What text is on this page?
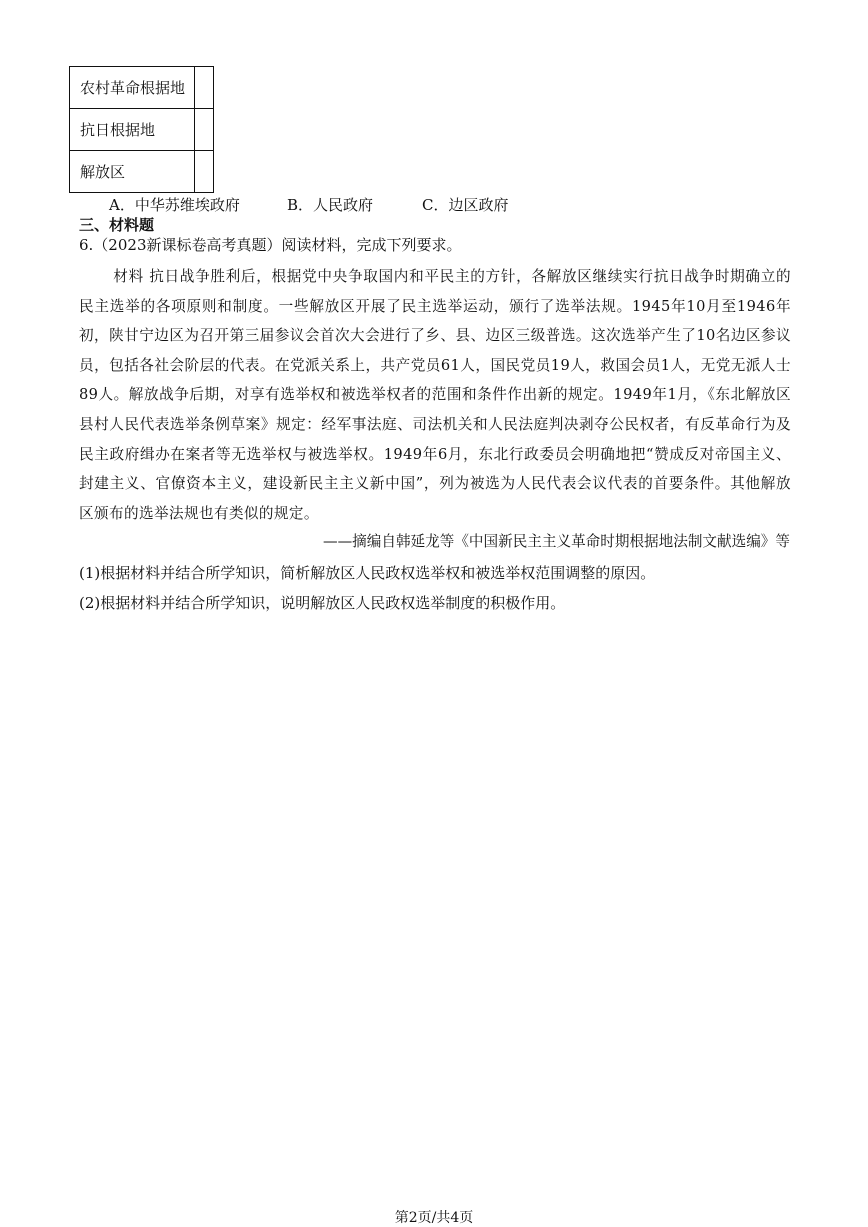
农村革命根据地	
抗日根据地	
解放区	
A．中华苏维埃政府	B．人民政府	C．边区政府
三、材料题
6.（2023新课标卷高考真题）阅读材料，完成下列要求。
材料 抗日战争胜利后，根据党中央争取国内和平民主的方针，各解放区继续实行抗日战争时期确立的民主选举的各项原则和制度。一些解放区开展了民主选举运动，颁行了选举法规。1945年10月至1946年初，陕甘宁边区为召开第三届参议会首次大会进行了乡、县、边区三级普选。这次选举产生了10名边区参议员，包括各社会阶层的代表。在党派关系上，共产党员61人，国民党员19人，救国会员1人，无党无派人士89人。解放战争后期，对享有选举权和被选举权者的范围和条件作出新的规定。1949年1月，《东北解放区县村人民代表选举条例草案》规定：经军事法庭、司法机关和人民法庭判决剥夺公民权者，有反革命行为及民主政府缉办在案者等无选举权与被选举权。1949年6月，东北行政委员会明确地把“赞成反对帝国主义、封建主义、官僚资本主义，建设新民主主义新中国”，列为被选为人民代表会议代表的首要条件。其他解放区颁布的选举法规也有类似的规定。
——摘编自韩延龙等《中国新民主主义革命时期根据地法制文献选编》等
(1)根据材料并结合所学知识，简析解放区人民政权选举权和被选举权范围调整的原因。
(2)根据材料并结合所学知识，说明解放区人民政权选举制度的积极作用。
第2页/共4页
